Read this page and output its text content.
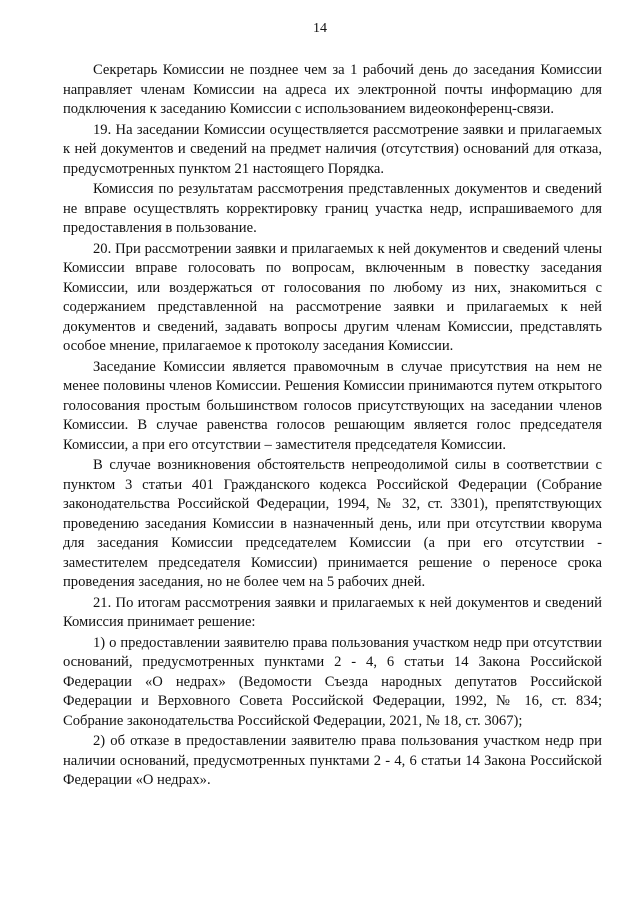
14

Секретарь Комиссии не позднее чем за 1 рабочий день до заседания Комиссии направляет членам Комиссии на адреса их электронной почты информацию для подключения к заседанию Комиссии с использованием видеоконференц-связи.

19. На заседании Комиссии осуществляется рассмотрение заявки и прилагаемых к ней документов и сведений на предмет наличия (отсутствия) оснований для отказа, предусмотренных пунктом 21 настоящего Порядка.

Комиссия по результатам рассмотрения представленных документов и сведений не вправе осуществлять корректировку границ участка недр, испрашиваемого для предоставления в пользование.

20. При рассмотрении заявки и прилагаемых к ней документов и сведений члены Комиссии вправе голосовать по вопросам, включенным в повестку заседания Комиссии, или воздержаться от голосования по любому из них, знакомиться с содержанием представленной на рассмотрение заявки и прилагаемых к ней документов и сведений, задавать вопросы другим членам Комиссии, представлять особое мнение, прилагаемое к протоколу заседания Комиссии.

Заседание Комиссии является правомочным в случае присутствия на нем не менее половины членов Комиссии. Решения Комиссии принимаются путем открытого голосования простым большинством голосов присутствующих на заседании членов Комиссии. В случае равенства голосов решающим является голос председателя Комиссии, а при его отсутствии – заместителя председателя Комиссии.

В случае возникновения обстоятельств непреодолимой силы в соответствии с пунктом 3 статьи 401 Гражданского кодекса Российской Федерации (Собрание законодательства Российской Федерации, 1994, № 32, ст. 3301), препятствующих проведению заседания Комиссии в назначенный день, или при отсутствии кворума для заседания Комиссии председателем Комиссии (а при его отсутствии - заместителем председателя Комиссии) принимается решение о переносе срока проведения заседания, но не более чем на 5 рабочих дней.

21. По итогам рассмотрения заявки и прилагаемых к ней документов и сведений Комиссия принимает решение:

1) о предоставлении заявителю права пользования участком недр при отсутствии оснований, предусмотренных пунктами 2 - 4, 6 статьи 14 Закона Российской Федерации «О недрах» (Ведомости Съезда народных депутатов Российской Федерации и Верховного Совета Российской Федерации, 1992, № 16, ст. 834; Собрание законодательства Российской Федерации, 2021, № 18, ст. 3067);

2) об отказе в предоставлении заявителю права пользования участком недр при наличии оснований, предусмотренных пунктами 2 - 4, 6 статьи 14 Закона Российской Федерации «О недрах».
